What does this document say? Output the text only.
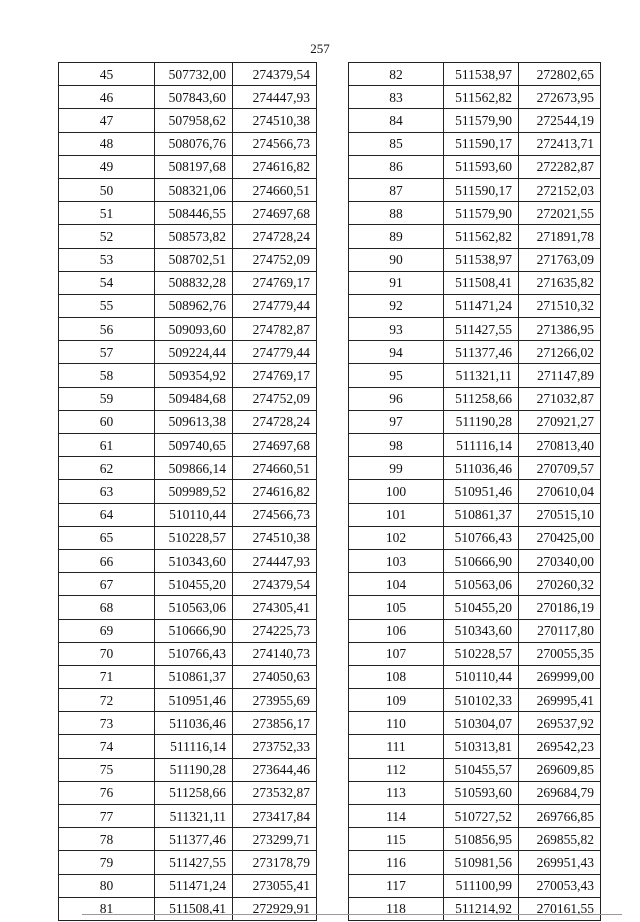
257
45	507732,00	274379,54
46	507843,60	274447,93
47	507958,62	274510,38
48	508076,76	274566,73
49	508197,68	274616,82
50	508321,06	274660,51
51	508446,55	274697,68
52	508573,82	274728,24
53	508702,51	274752,09
54	508832,28	274769,17
55	508962,76	274779,44
56	509093,60	274782,87
57	509224,44	274779,44
58	509354,92	274769,17
59	509484,68	274752,09
60	509613,38	274728,24
61	509740,65	274697,68
62	509866,14	274660,51
63	509989,52	274616,82
64	510110,44	274566,73
65	510228,57	274510,38
66	510343,60	274447,93
67	510455,20	274379,54
68	510563,06	274305,41
69	510666,90	274225,73
70	510766,43	274140,73
71	510861,37	274050,63
72	510951,46	273955,69
73	511036,46	273856,17
74	511116,14	273752,33
75	511190,28	273644,46
76	511258,66	273532,87
77	511321,11	273417,84
78	511377,46	273299,71
79	511427,55	273178,79
80	511471,24	273055,41
81	511508,41	272929,91
82	511538,97	272802,65
83	511562,82	272673,95
84	511579,90	272544,19
85	511590,17	272413,71
86	511593,60	272282,87
87	511590,17	272152,03
88	511579,90	272021,55
89	511562,82	271891,78
90	511538,97	271763,09
91	511508,41	271635,82
92	511471,24	271510,32
93	511427,55	271386,95
94	511377,46	271266,02
95	511321,11	271147,89
96	511258,66	271032,87
97	511190,28	270921,27
98	511116,14	270813,40
99	511036,46	270709,57
100	510951,46	270610,04
101	510861,37	270515,10
102	510766,43	270425,00
103	510666,90	270340,00
104	510563,06	270260,32
105	510455,20	270186,19
106	510343,60	270117,80
107	510228,57	270055,35
108	510110,44	269999,00
109	510102,33	269995,41
110	510304,07	269537,92
111	510313,81	269542,23
112	510455,57	269609,85
113	510593,60	269684,79
114	510727,52	269766,85
115	510856,95	269855,82
116	510981,56	269951,43
117	511100,99	270053,43
118	511214,92	270161,55
